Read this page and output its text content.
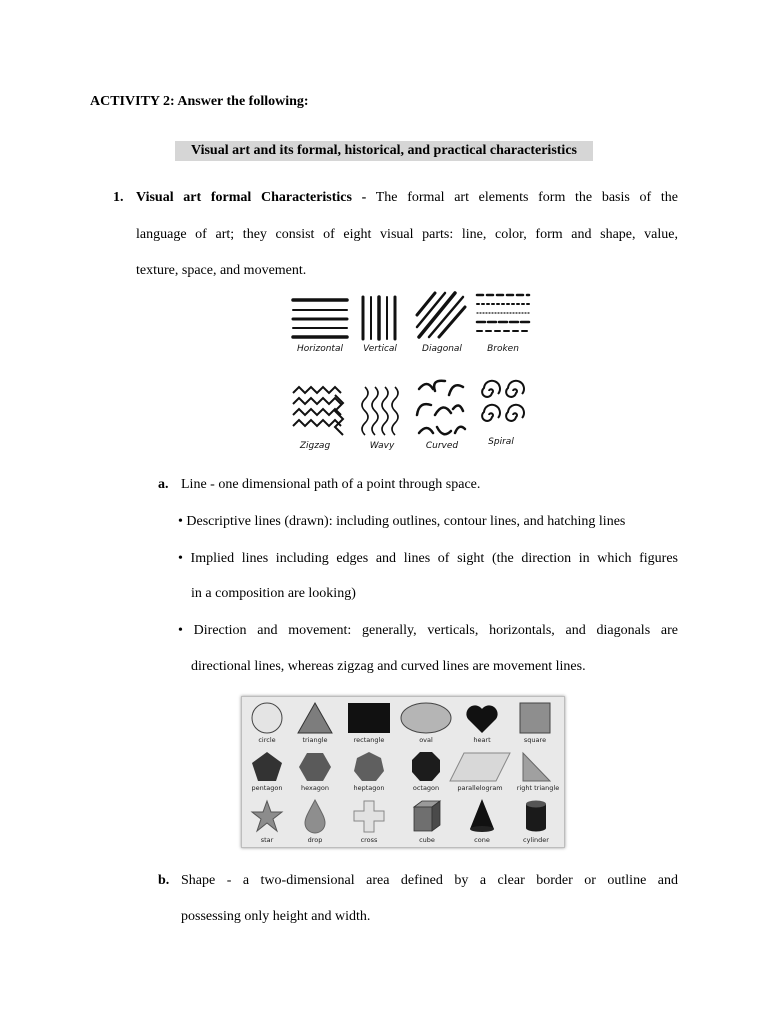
ACTIVITY 2: Answer the following:
Visual art and its formal, historical, and practical characteristics
1. Visual art formal Characteristics - The formal art elements form the basis of the
language of art; they consist of eight visual parts: line, color, form and shape, value,
texture, space, and movement.
Horizontal Vertical	Diagonal	Broken
Zigzag	Wavy	Curved	Spiral
a. Line - one dimensional path of a point through space.
• Descriptive lines (drawn): including outlines, contour lines, and hatching lines
• Implied lines including edges and lines of sight (the direction in which figures
in a composition are looking)
• Direction and movement: generally, verticals, horizontals, and diagonals are
directional lines, whereas zigzag and curved lines are movement lines.
circle	triangle	rectangle	oval	heart	square
pentagon	hexagon	heptagon	octagon	parallelogram right triangle
star	drop	cross	cube	cone	cylinder
b. Shape - a two-dimensional area defined by a clear border or outline and
possessing only height and width.
